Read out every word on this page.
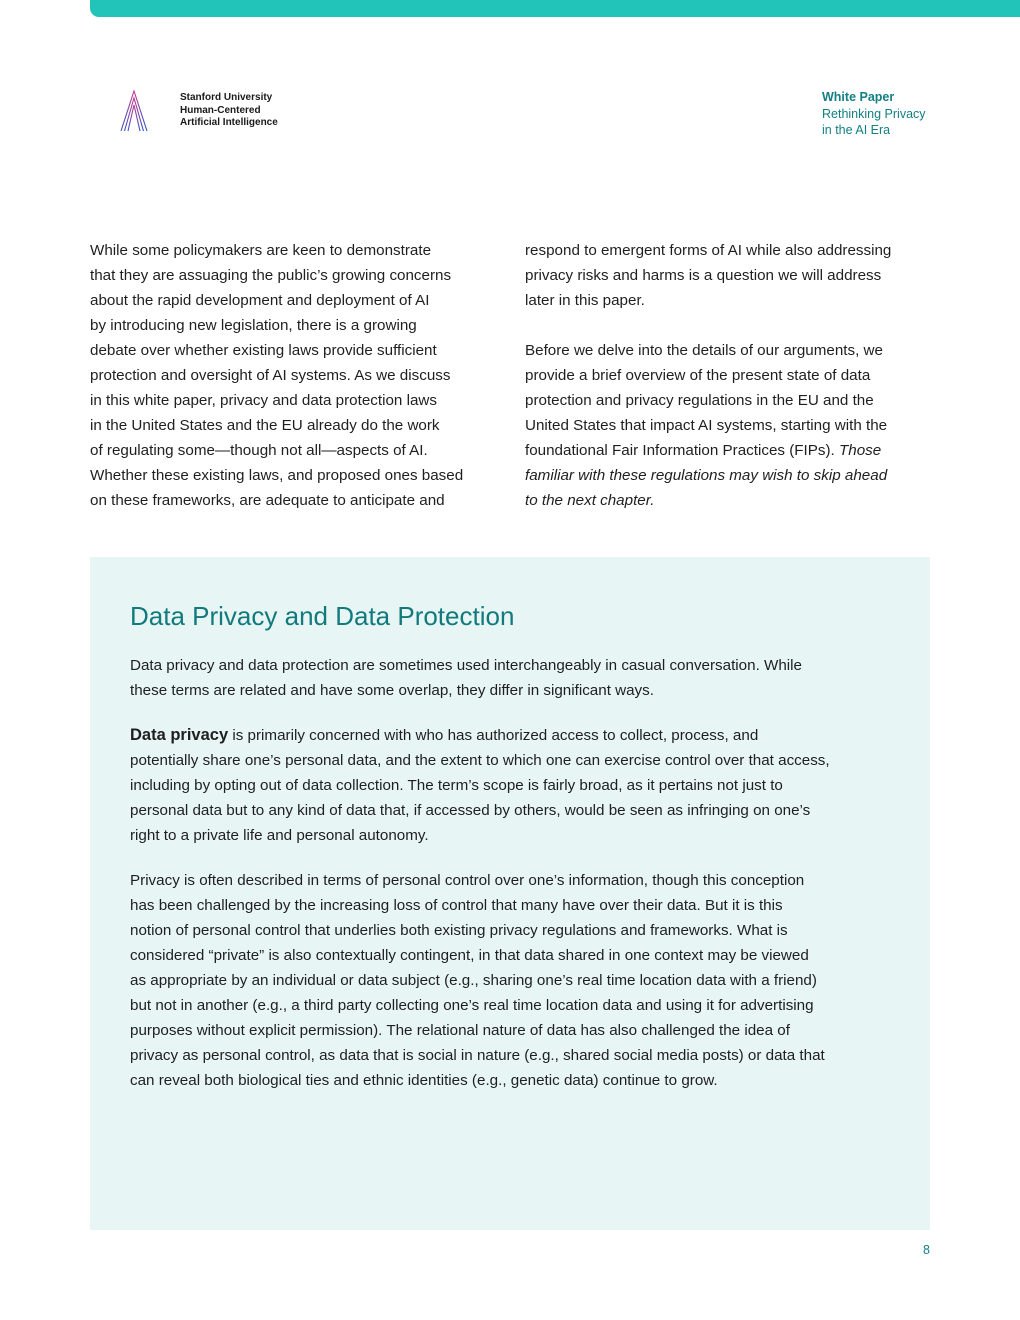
Stanford University
Human-Centered
Artificial Intelligence
White Paper
Rethinking Privacy
in the AI Era

While some policymakers are keen to demonstrate
that they are assuaging the public’s growing concerns
about the rapid development and deployment of AI
by introducing new legislation, there is a growing
debate over whether existing laws provide sufficient
protection and oversight of AI systems. As we discuss
in this white paper, privacy and data protection laws
in the United States and the EU already do the work
of regulating some—though not all—aspects of AI.
Whether these existing laws, and proposed ones based
on these frameworks, are adequate to anticipate and

respond to emergent forms of AI while also addressing
privacy risks and harms is a question we will address
later in this paper.

Before we delve into the details of our arguments, we
provide a brief overview of the present state of data
protection and privacy regulations in the EU and the
United States that impact AI systems, starting with the
foundational Fair Information Practices (FIPs). Those
familiar with these regulations may wish to skip ahead
to the next chapter.

Data Privacy and Data Protection

Data privacy and data protection are sometimes used interchangeably in casual conversation. While
these terms are related and have some overlap, they differ in significant ways.

Data privacy is primarily concerned with who has authorized access to collect, process, and
potentially share one’s personal data, and the extent to which one can exercise control over that access,
including by opting out of data collection. The term’s scope is fairly broad, as it pertains not just to
personal data but to any kind of data that, if accessed by others, would be seen as infringing on one’s
right to a private life and personal autonomy.

Privacy is often described in terms of personal control over one’s information, though this conception
has been challenged by the increasing loss of control that many have over their data. But it is this
notion of personal control that underlies both existing privacy regulations and frameworks. What is
considered “private” is also contextually contingent, in that data shared in one context may be viewed
as appropriate by an individual or data subject (e.g., sharing one’s real time location data with a friend)
but not in another (e.g., a third party collecting one’s real time location data and using it for advertising
purposes without explicit permission). The relational nature of data has also challenged the idea of
privacy as personal control, as data that is social in nature (e.g., shared social media posts) or data that
can reveal both biological ties and ethnic identities (e.g., genetic data) continue to grow.

8
